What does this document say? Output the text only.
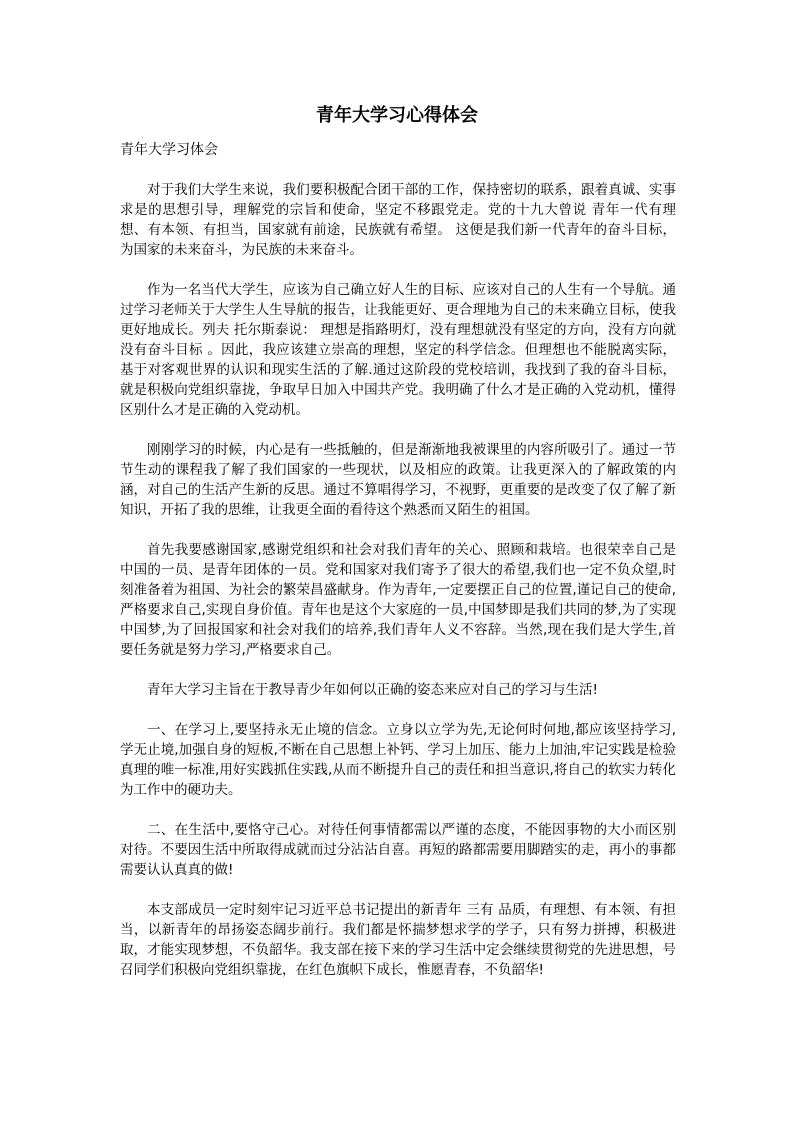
青年大学习心得体会
青年大学习体会

对于我们大学生来说，我们要积极配合团干部的工作，保持密切的联系，跟着真诚、实事求是的思想引导，理解党的宗旨和使命，坚定不移跟党走。党的十九大曾说 青年一代有理想、有本领、有担当，国家就有前途，民族就有希望。 这便是我们新一代青年的奋斗目标，为国家的未来奋斗，为民族的未来奋斗。

作为一名当代大学生，应该为自己确立好人生的目标、应该对自己的人生有一个导航。通过学习老师关于大学生人生导航的报告，让我能更好、更合理地为自己的未来确立目标，使我更好地成长。列夫 托尔斯泰说： 理想是指路明灯，没有理想就没有坚定的方向，没有方向就没有奋斗目标 。因此，我应该建立崇高的理想，坚定的科学信念。但理想也不能脱离实际，基于对客观世界的认识和现实生活的了解.通过这阶段的党校培训，我找到了我的奋斗目标，就是积极向党组织靠拢，争取早日加入中国共产党。我明确了什么才是正确的入党动机，懂得区别什么才是正确的入党动机。

刚刚学习的时候，内心是有一些抵触的，但是渐渐地我被课里的内容所吸引了。通过一节节生动的课程我了解了我们国家的一些现状，以及相应的政策。让我更深入的了解政策的内涵，对自己的生活产生新的反思。通过不算唱得学习，不视野，更重要的是改变了仅了解了新知识，开拓了我的思维，让我更全面的看待这个熟悉而又陌生的祖国。

首先我要感谢国家,感谢党组织和社会对我们青年的关心、照顾和栽培。也很荣幸自己是中国的一员、是青年团体的一员。党和国家对我们寄予了很大的希望,我们也一定不负众望,时刻准备着为祖国、为社会的繁荣昌盛献身。作为青年,一定要摆正自己的位置,谨记自己的使命,严格要求自己,实现自身价值。青年也是这个大家庭的一员,中国梦即是我们共同的梦,为了实现中国梦,为了回报国家和社会对我们的培养,我们青年人义不容辞。当然,现在我们是大学生,首要任务就是努力学习,严格要求自己。

青年大学习主旨在于教导青少年如何以正确的姿态来应对自己的学习与生活!

一、在学习上,要坚持永无止境的信念。立身以立学为先,无论何时何地,都应该坚持学习,学无止境,加强自身的短板,不断在自己思想上补钙、学习上加压、能力上加油,牢记实践是检验真理的唯一标准,用好实践抓住实践,从而不断提升自己的责任和担当意识,将自己的软实力转化为工作中的硬功夫。

二、在生活中,要恪守己心。对待任何事情都需以严谨的态度，不能因事物的大小而区别对待。不要因生活中所取得成就而过分沾沾自喜。再短的路都需要用脚踏实的走，再小的事都需要认认真真的做!

本支部成员一定时刻牢记习近平总书记提出的新青年 三有 品质，有理想、有本领、有担当，以新青年的昂扬姿态阔步前行。我们都是怀揣梦想求学的学子，只有努力拼搏，积极进取，才能实现梦想，不负韶华。我支部在接下来的学习生活中定会继续贯彻党的先进思想，号召同学们积极向党组织靠拢，在红色旗帜下成长，惟愿青春，不负韶华!
